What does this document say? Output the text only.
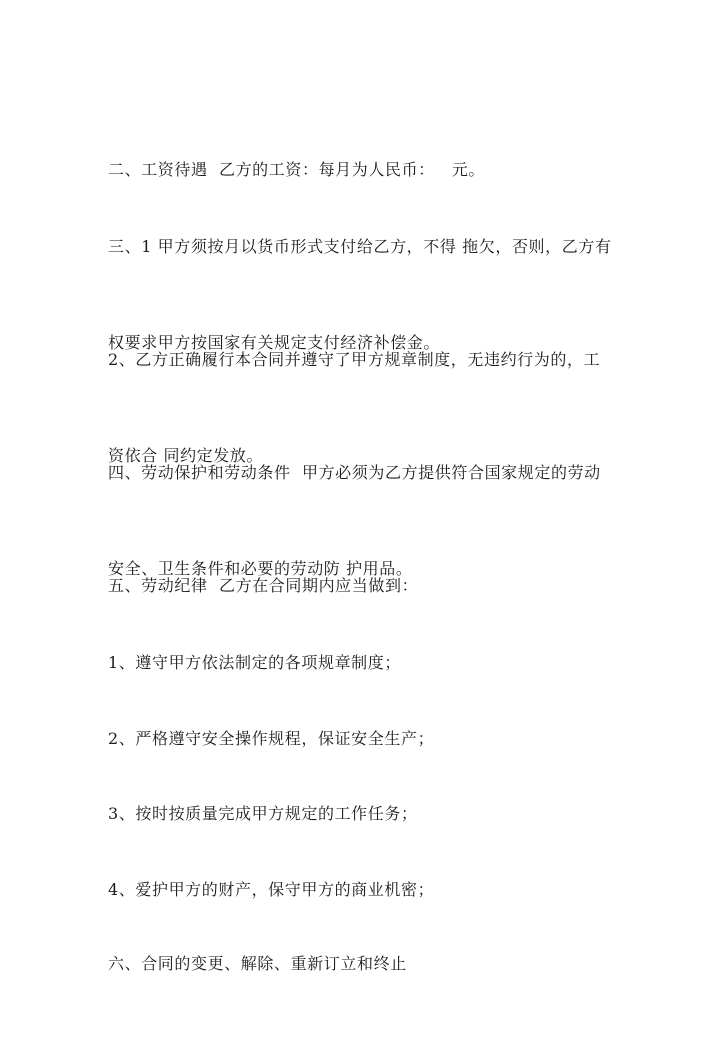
二、工资待遇  乙方的工资：每月为人民币：   元。

三、1 甲方须按月以货币形式支付给乙方，不得 拖欠，否则，乙方有

权要求甲方按国家有关规定支付经济补偿金。

2、乙方正确履行本合同并遵守了甲方规章制度，无违约行为的，工

资依合 同约定发放。

四、劳动保护和劳动条件  甲方必须为乙方提供符合国家规定的劳动

安全、卫生条件和必要的劳动防 护用品。

五、劳动纪律  乙方在合同期内应当做到：

1、遵守甲方依法制定的各项规章制度；

2、严格遵守安全操作规程，保证安全生产；

3、按时按质量完成甲方规定的工作任务；

4、爱护甲方的财产，保守甲方的商业机密；

六、合同的变更、解除、重新订立和终止
